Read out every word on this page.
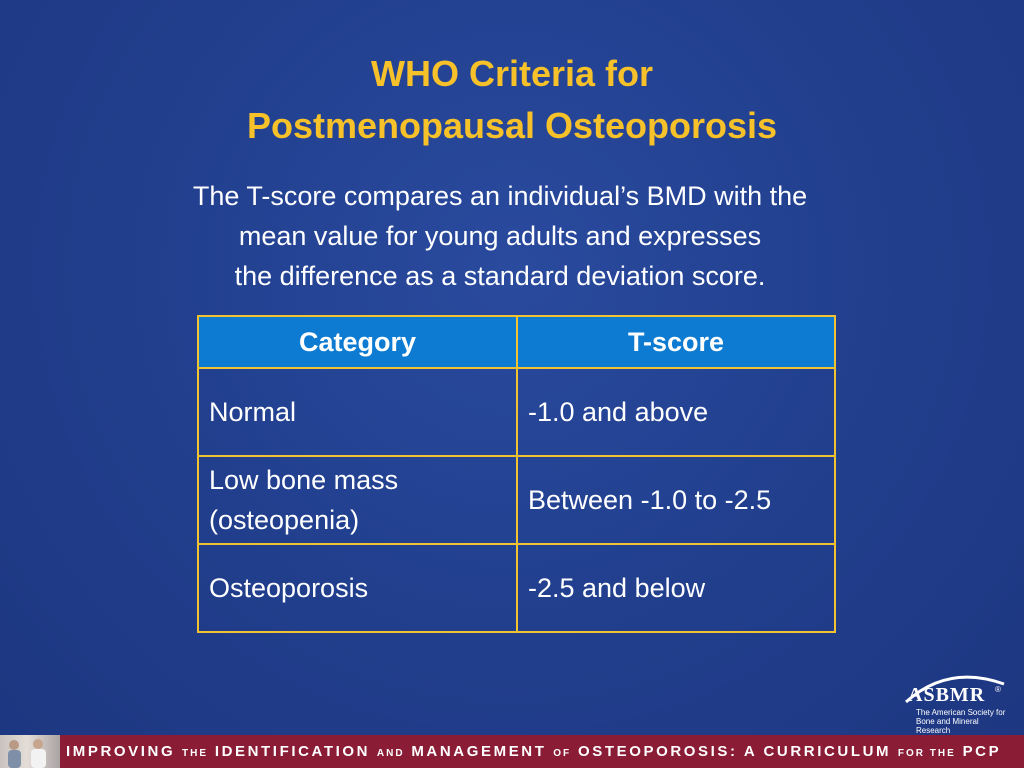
WHO Criteria for
Postmenopausal Osteoporosis
The T-score compares an individual’s BMD with the
mean value for young adults and expresses
the difference as a standard deviation score.
Category	T-score
Normal	-1.0 and above

Low bone mass
(osteopenia)	Between -1.0 to -2.5
Osteoporosis	-2.5 and below
ASBMR ®
The American Society for
Bone and Mineral Research
IMPROVING THE IDENTIFICATION AND MANAGEMENT OF OSTEOPOROSIS: A CURRICULUM FOR THE PCP
